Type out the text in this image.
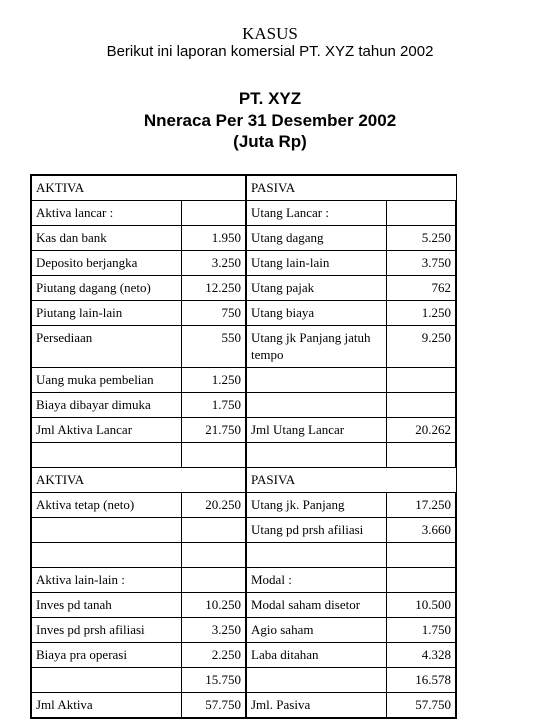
KASUS
Berikut ini laporan komersial PT. XYZ tahun 2002
PT. XYZ
Nneraca Per 31 Desember 2002
(Juta Rp)
AKTIVA		PASIVA	
Aktiva lancar :		Utang Lancar :	
Kas dan bank	1.950	Utang dagang	5.250
Deposito berjangka	3.250	Utang lain-lain	3.750
Piutang dagang (neto)	12.250	Utang pajak	762
Piutang lain-lain	750	Utang biaya	1.250
Persediaan	550	Utang jk Panjang jatuh tempo	9.250
Uang muka pembelian	1.250		
Biaya dibayar dimuka	1.750		
Jml Aktiva Lancar	21.750	Jml Utang Lancar	20.262

AKTIVA		PASIVA	
Aktiva tetap (neto)	20.250	Utang jk. Panjang	17.250
		Utang pd prsh afiliasi	3.660

Aktiva lain-lain :		Modal :	
Inves pd tanah	10.250	Modal saham disetor	10.500
Inves pd prsh afiliasi	3.250	Agio saham	1.750
Biaya pra operasi	2.250	Laba ditahan	4.328
	15.750		16.578
Jml Aktiva	57.750	Jml. Pasiva	57.750
